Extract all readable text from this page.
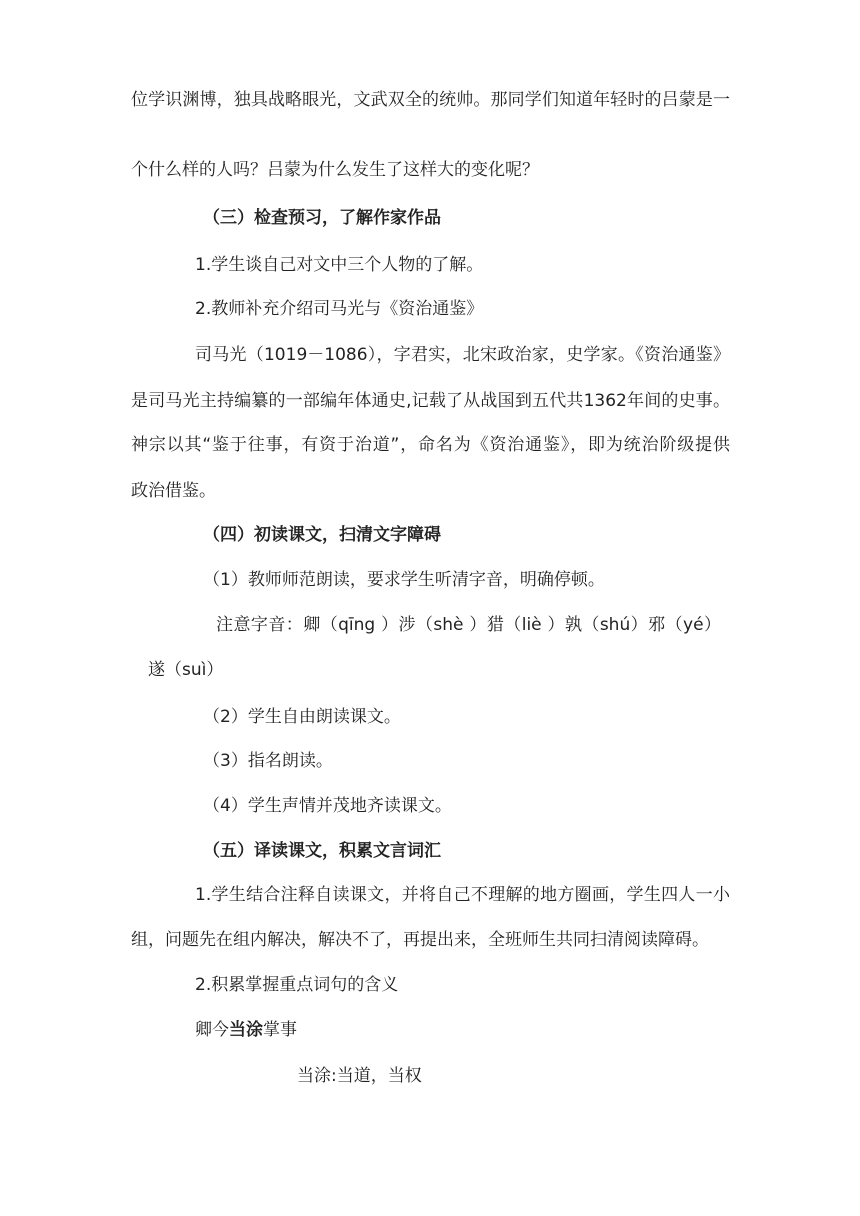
位学识渊博，独具战略眼光，文武双全的统帅。那同学们知道年轻时的吕蒙是一
个什么样的人吗？吕蒙为什么发生了这样大的变化呢？
（三）检查预习，了解作家作品
1.学生谈自己对文中三个人物的了解。
2.教师补充介绍司马光与《资治通鉴》
司马光（1019－1086），字君实，北宋政治家，史学家。《资治通鉴》
是司马光主持编纂的一部编年体通史,记载了从战国到五代共1362年间的史事。
神宗以其“鉴于往事，有资于治道”，命名为《资治通鉴》，即为统治阶级提供
政治借鉴。
（四）初读课文，扫清文字障碍
（1）教师师范朗读，要求学生听清字音，明确停顿。
注意字音：卿（qīng ）涉（shè ）猎（liè ）孰（shú）邪（yé）
遂（suì）
（2）学生自由朗读课文。
（3）指名朗读。
（4）学生声情并茂地齐读课文。
（五）译读课文，积累文言词汇
1.学生结合注释自读课文，并将自己不理解的地方圈画，学生四人一小
组，问题先在组内解决，解决不了，再提出来，全班师生共同扫清阅读障碍。
2.积累掌握重点词句的含义
卿今当涂掌事
当涂:当道，当权
